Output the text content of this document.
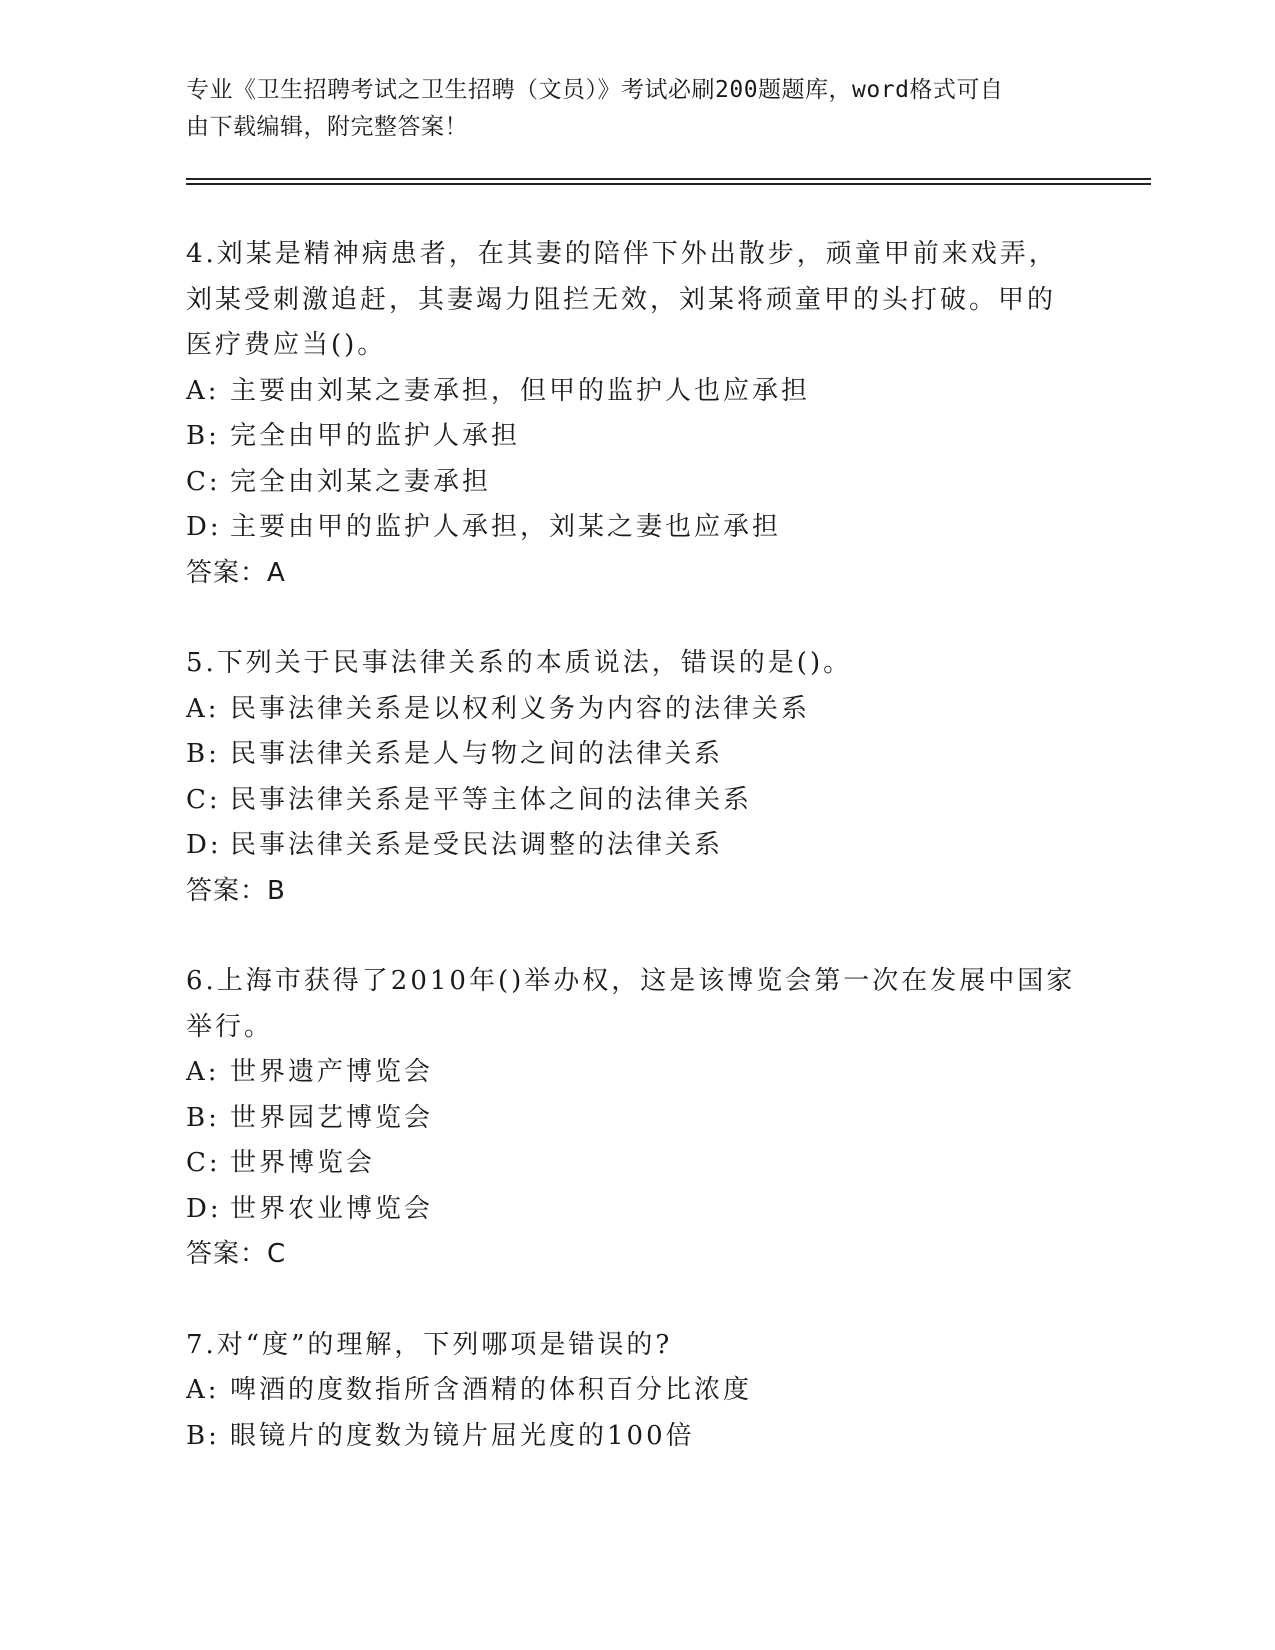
专业《卫生招聘考试之卫生招聘（文员）》考试必刷200题题库，word格式可自
由下载编辑，附完整答案！
4.刘某是精神病患者，在其妻的陪伴下外出散步，顽童甲前来戏弄，
刘某受刺激追赶，其妻竭力阻拦无效，刘某将顽童甲的头打破。甲的
医疗费应当()。
A: 主要由刘某之妻承担，但甲的监护人也应承担
B: 完全由甲的监护人承担
C: 完全由刘某之妻承担
D: 主要由甲的监护人承担，刘某之妻也应承担
答案：A
5.下列关于民事法律关系的本质说法，错误的是()。
A: 民事法律关系是以权利义务为内容的法律关系
B: 民事法律关系是人与物之间的法律关系
C: 民事法律关系是平等主体之间的法律关系
D: 民事法律关系是受民法调整的法律关系
答案：B
6.上海市获得了2010年()举办权，这是该博览会第一次在发展中国家
举行。
A: 世界遗产博览会
B: 世界园艺博览会
C: 世界博览会
D: 世界农业博览会
答案：C
7.对“度”的理解，下列哪项是错误的?
A: 啤酒的度数指所含酒精的体积百分比浓度
B: 眼镜片的度数为镜片屈光度的100倍
